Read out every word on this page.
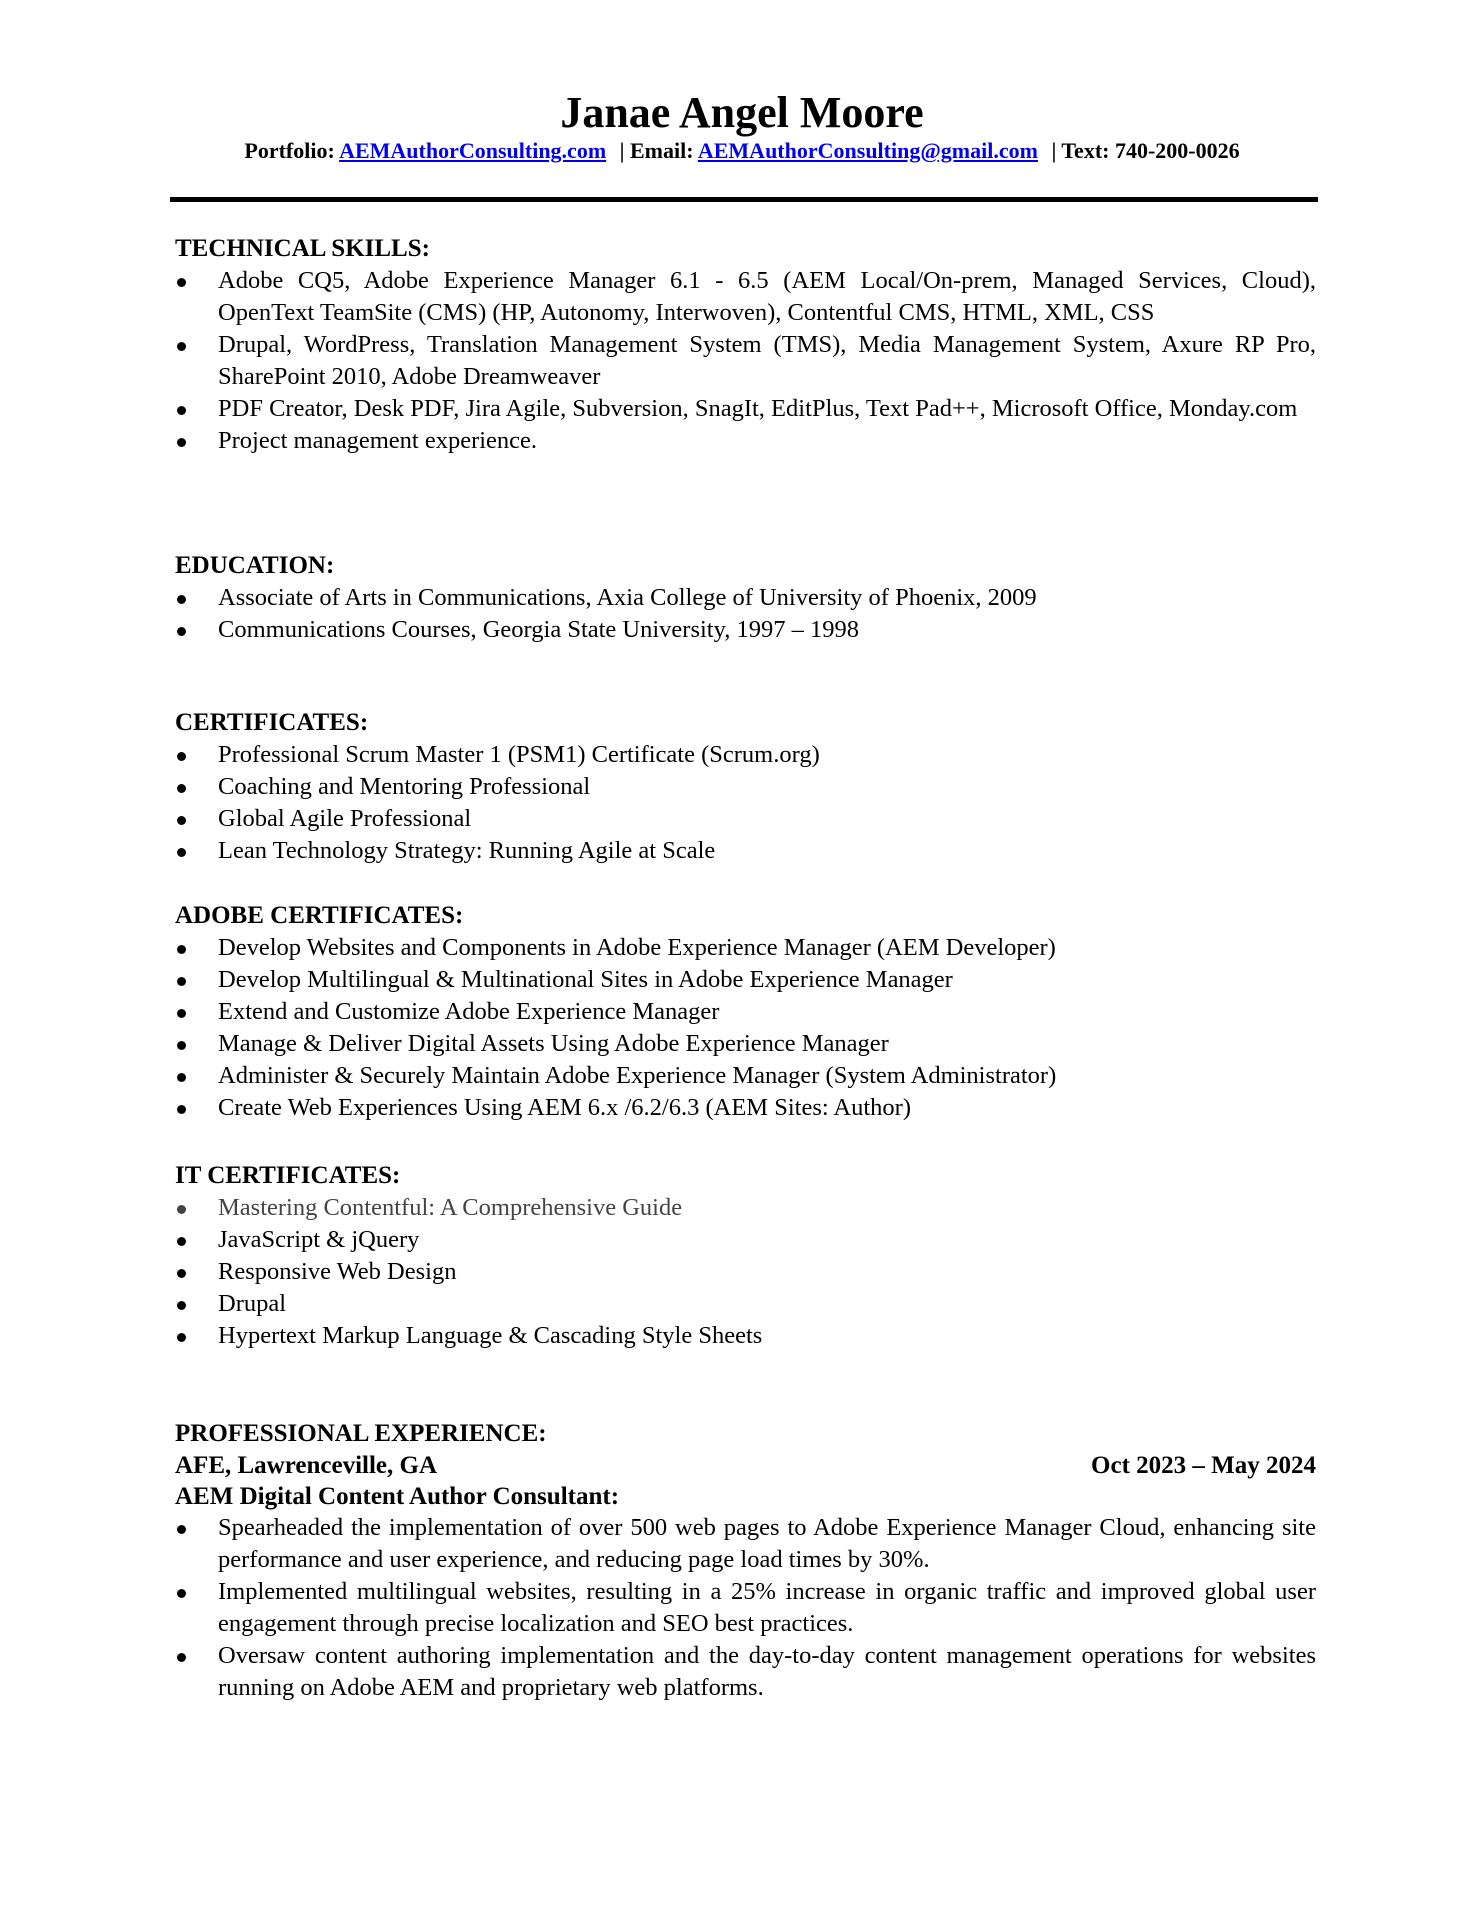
Janae Angel Moore
Portfolio: AEMAuthorConsulting.com | Email: AEMAuthorConsulting@gmail.com | Text: 740-200-0026
TECHNICAL SKILLS:
Adobe CQ5, Adobe Experience Manager 6.1 - 6.5 (AEM Local/On-prem, Managed Services, Cloud), OpenText TeamSite (CMS) (HP, Autonomy, Interwoven), Contentful CMS, HTML, XML, CSS
Drupal, WordPress, Translation Management System (TMS), Media Management System, Axure RP Pro, SharePoint 2010, Adobe Dreamweaver
PDF Creator, Desk PDF, Jira Agile, Subversion, SnagIt, EditPlus, Text Pad++, Microsoft Office, Monday.com
Project management experience.
EDUCATION:
Associate of Arts in Communications, Axia College of University of Phoenix, 2009
Communications Courses, Georgia State University, 1997 – 1998
CERTIFICATES:
Professional Scrum Master 1 (PSM1) Certificate (Scrum.org)
Coaching and Mentoring Professional
Global Agile Professional
Lean Technology Strategy: Running Agile at Scale
ADOBE CERTIFICATES:
Develop Websites and Components in Adobe Experience Manager (AEM Developer)
Develop Multilingual & Multinational Sites in Adobe Experience Manager
Extend and Customize Adobe Experience Manager
Manage & Deliver Digital Assets Using Adobe Experience Manager
Administer & Securely Maintain Adobe Experience Manager (System Administrator)
Create Web Experiences Using AEM 6.x /6.2/6.3 (AEM Sites: Author)
IT CERTIFICATES:
Mastering Contentful: A Comprehensive Guide
JavaScript & jQuery
Responsive Web Design
Drupal
Hypertext Markup Language & Cascading Style Sheets
PROFESSIONAL EXPERIENCE:
AFE, Lawrenceville, GA	Oct 2023 – May 2024
AEM Digital Content Author Consultant:
Spearheaded the implementation of over 500 web pages to Adobe Experience Manager Cloud, enhancing site performance and user experience, and reducing page load times by 30%.
Implemented multilingual websites, resulting in a 25% increase in organic traffic and improved global user engagement through precise localization and SEO best practices.
Oversaw content authoring implementation and the day-to-day content management operations for websites running on Adobe AEM and proprietary web platforms.
